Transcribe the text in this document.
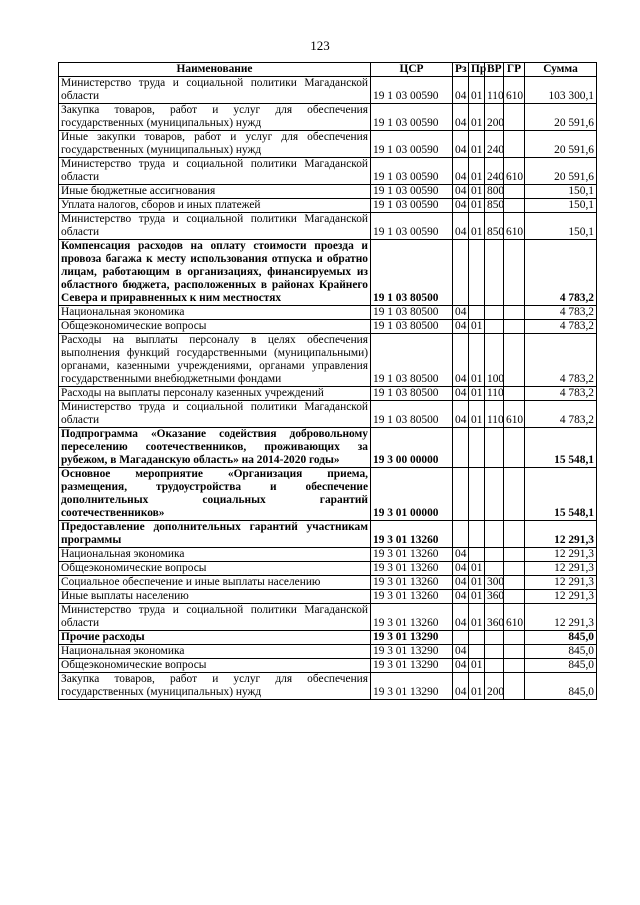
123
Наименование	ЦСР	Рз	Пр	ВР	ГР	Сумма
Министерство труда и социальной политики Магаданской области	19 1 03 00590	04	01	110	610	103 300,1
Закупка товаров, работ и услуг для обеспечения государственных (муниципальных) нужд	19 1 03 00590	04	01	200		20 591,6
Иные закупки товаров, работ и услуг для обеспечения государственных (муниципальных) нужд	19 1 03 00590	04	01	240		20 591,6
Министерство труда и социальной политики Магаданской области	19 1 03 00590	04	01	240	610	20 591,6
Иные бюджетные ассигнования	19 1 03 00590	04	01	800		150,1
Уплата налогов, сборов и иных платежей	19 1 03 00590	04	01	850		150,1
Министерство труда и социальной политики Магаданской области	19 1 03 00590	04	01	850	610	150,1
Компенсация расходов на оплату стоимости проезда и провоза багажа к месту использования отпуска и обратно лицам, работающим в организациях, финансируемых из областного бюджета, расположенных в районах Крайнего Севера и приравненных к ним местностях	19 1 03 80500					4 783,2
Национальная экономика	19 1 03 80500	04				4 783,2
Общеэкономические вопросы	19 1 03 80500	04	01			4 783,2
Расходы на выплаты персоналу в целях обеспечения выполнения функций государственными (муниципальными) органами, казенными учреждениями, органами управления государственными внебюджетными фондами	19 1 03 80500	04	01	100		4 783,2
Расходы на выплаты персоналу казенных учреждений	19 1 03 80500	04	01	110		4 783,2
Министерство труда и социальной политики Магаданской области	19 1 03 80500	04	01	110	610	4 783,2
Подпрограмма «Оказание содействия добровольному переселению соотечественников, проживающих за рубежом, в Магаданскую область» на 2014-2020 годы»	19 3 00 00000					15 548,1
Основное мероприятие «Организация приема, размещения, трудоустройства и обеспечение дополнительных социальных гарантий соотечественников»	19 3 01 00000					15 548,1
Предоставление дополнительных гарантий участникам программы	19 3 01 13260					12 291,3
Национальная экономика	19 3 01 13260	04				12 291,3
Общеэкономические вопросы	19 3 01 13260	04	01			12 291,3
Социальное обеспечение и иные выплаты населению	19 3 01 13260	04	01	300		12 291,3
Иные выплаты населению	19 3 01 13260	04	01	360		12 291,3
Министерство труда и социальной политики Магаданской области	19 3 01 13260	04	01	360	610	12 291,3
Прочие расходы	19 3 01 13290					845,0
Национальная экономика	19 3 01 13290	04				845,0
Общеэкономические вопросы	19 3 01 13290	04	01			845,0
Закупка товаров, работ и услуг для обеспечения государственных (муниципальных) нужд	19 3 01 13290	04	01	200		845,0
